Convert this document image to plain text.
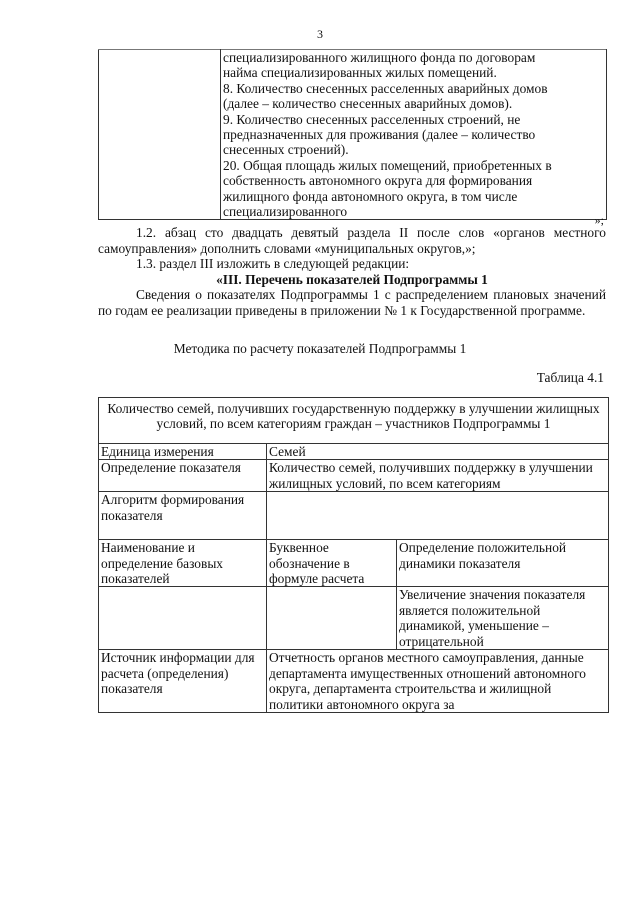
3

специализированного жилищного фонда по договорам

найма специализированных жилых помещений.

8. Количество снесенных расселенных аварийных домов

(далее – количество снесенных аварийных домов).

9. Количество снесенных расселенных строений, не

предназначенных для проживания (далее – количество

снесенных строений).

20. Общая площадь жилых помещений, приобретенных в

собственность автономного округа для формирования

жилищного фонда автономного округа, в том числе

специализированного

»;
1.2. абзац сто двадцать девятый раздела II после слов «органов местного самоуправления» дополнить словами «муниципальных округов,»;
1.3. раздел III изложить в следующей редакции:
«III. Перечень показателей Подпрограммы 1
Сведения о показателях Подпрограммы 1 с распределением плановых значений по годам ее реализации приведены в приложении № 1 к Государственной программе.
Методика по расчету показателей Подпрограммы 1
Таблица 4.1
Количество семей, получивших государственную поддержку в улучшении жилищных условий, по всем категориям граждан – участников Подпрограммы 1		
Единица измерения	Семей	
Определение показателя	Количество семей, получивших поддержку в улучшении жилищных условий, по всем категориям	
Алгоритм формирования показателя		
Наименование и определение базовых показателей	Буквенное обозначение в формуле расчета	Определение положительной динамики показателя
		Увеличение значения показателя является положительной динамикой, уменьшение – отрицательной
Источник информации для расчета (определения) показателя	Отчетность органов местного самоуправления, данные департамента имущественных отношений автономного округа, департамента строительства и жилищной политики автономного округа за	
